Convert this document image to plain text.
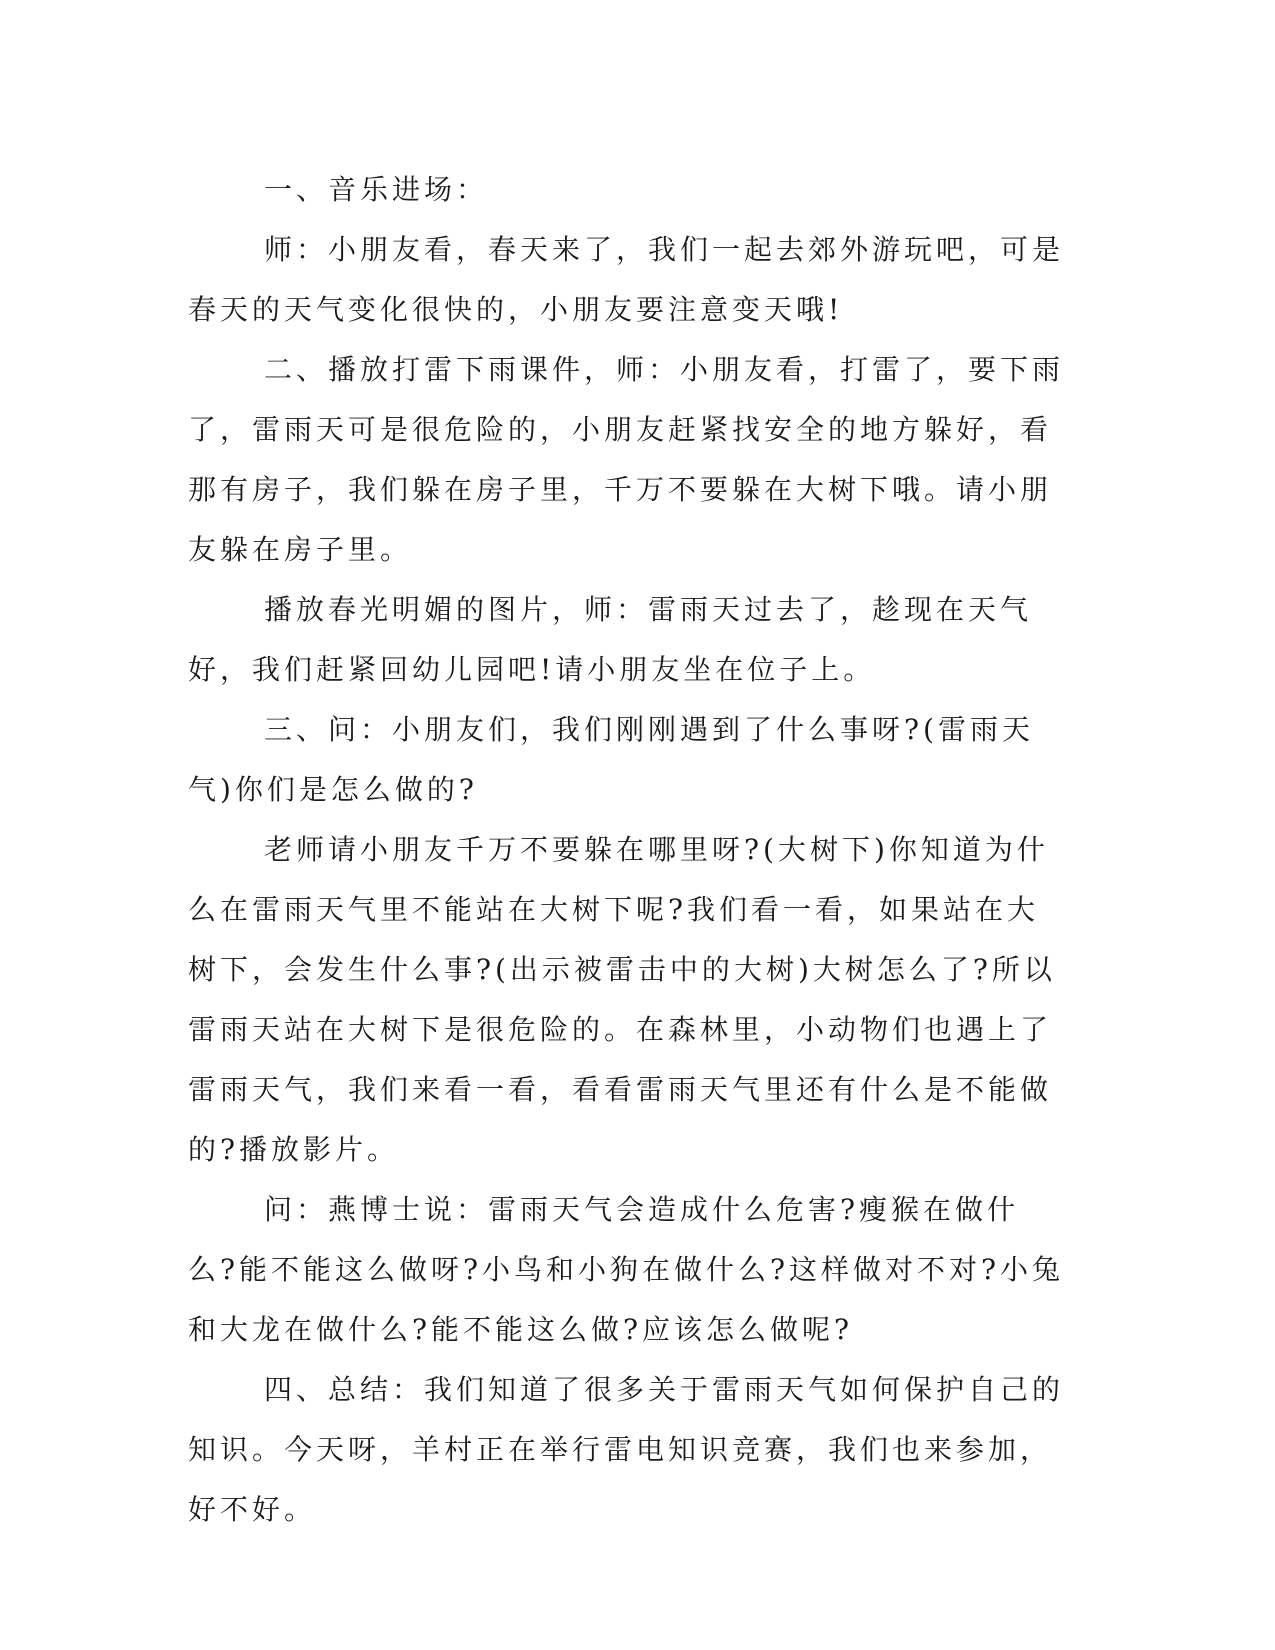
一、音乐进场：

师：小朋友看，春天来了，我们一起去郊外游玩吧，可是春天的天气变化很快的，小朋友要注意变天哦!

二、播放打雷下雨课件，师：小朋友看，打雷了，要下雨了，雷雨天可是很危险的，小朋友赶紧找安全的地方躲好，看那有房子，我们躲在房子里，千万不要躲在大树下哦。请小朋友躲在房子里。

播放春光明媚的图片，师：雷雨天过去了，趁现在天气好，我们赶紧回幼儿园吧!请小朋友坐在位子上。

三、问：小朋友们，我们刚刚遇到了什么事呀?(雷雨天气)你们是怎么做的?

老师请小朋友千万不要躲在哪里呀?(大树下)你知道为什么在雷雨天气里不能站在大树下呢?我们看一看，如果站在大树下，会发生什么事?(出示被雷击中的大树)大树怎么了?所以雷雨天站在大树下是很危险的。在森林里，小动物们也遇上了雷雨天气，我们来看一看，看看雷雨天气里还有什么是不能做的?播放影片。

问：燕博士说：雷雨天气会造成什么危害?瘦猴在做什么?能不能这么做呀?小鸟和小狗在做什么?这样做对不对?小兔和大龙在做什么?能不能这么做?应该怎么做呢?

四、总结：我们知道了很多关于雷雨天气如何保护自己的知识。今天呀，羊村正在举行雷电知识竞赛，我们也来参加，好不好。
